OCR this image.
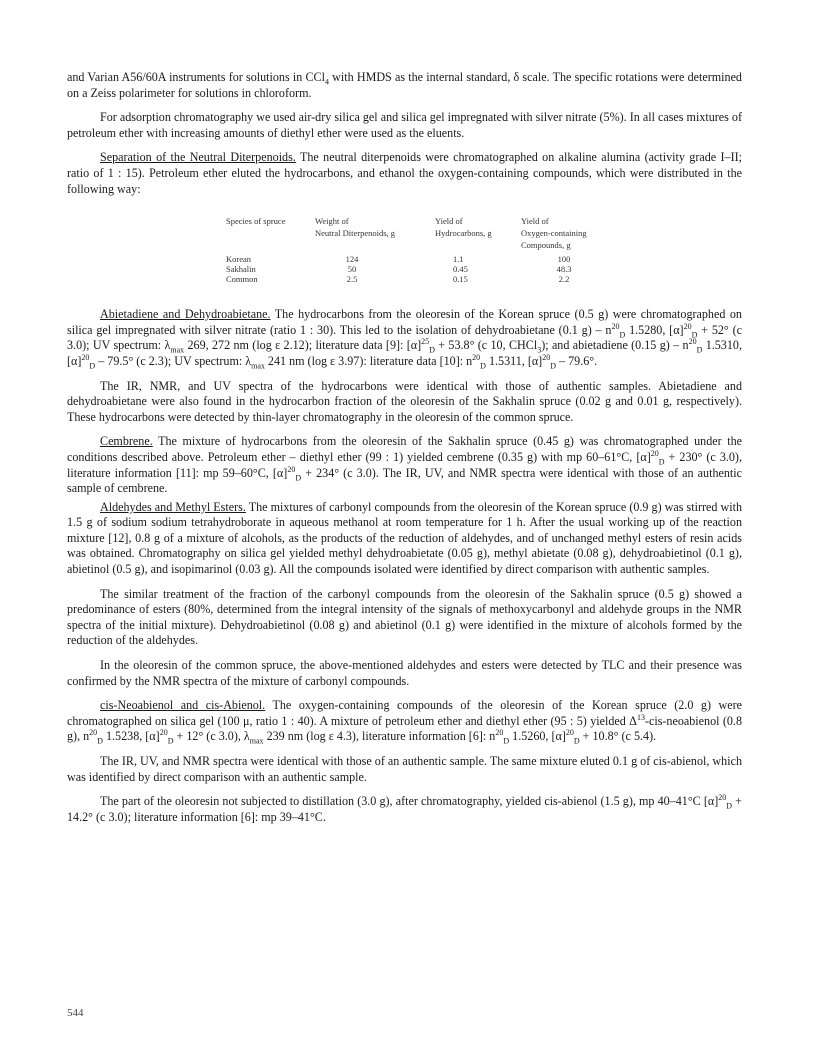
and Varian A56/60A instruments for solutions in CCl$_4$ with HMDS as the internal standard, δ scale. The specific rotations were determined on a Zeiss polarimeter for solutions in chloroform.

For adsorption chromatography we used air-dry silica gel and silica gel impregnated with silver nitrate (5%). In all cases mixtures of petroleum ether with increasing amounts of diethyl ether were used as the eluents.

Separation of the Neutral Diterpenoids. The neutral diterpenoids were chromatographed on alkaline alumina (activity grade I–II; ratio of 1 : 15). Petroleum ether eluted the hydrocarbons, and ethanol the oxygen-containing compounds, which were distributed in the following way:

Species of spruce	Weight of
Neutral Diterpenoids, g
Yield of
Hydrocarbons, g
Yield of
Oxygen-containing
Compounds, g
Korean
Sakhalin
Common
124
50
2.5
1.1
0.45
0.15
100
48.3
2.2

Abietadiene and Dehydroabietane. The hydrocarbons from the oleoresin of the Korean spruce (0.5 g) were chromatographed on silica gel impregnated with silver nitrate (ratio 1 : 30). This led to the isolation of dehydroabietane (0.1 $g) - n^{20}_D$ 1.5280, $[\alpha]^{20}_D + 52^\circ$ (c 3.0); UV spectrum: $\lambda_{max}$ 269, 272 nm (log ε 2.12); literature data [9]: $[\alpha]^{25}_D + 53.8^\circ$ (c 10, CHCl$_3$); and abietadiene (0.15 $g) - n^{20}_D$ 1.5310, $[\alpha]^{20}_D - 79.5^\circ$ (c 2.3); UV spectrum: $\lambda_{max}$ 241 nm (log ε 3.97): literature data [10]: $n^{20}_D$ 1.5311, $[\alpha]^{20}_D - 79.6^\circ$.

The IR, NMR, and UV spectra of the hydrocarbons were identical with those of authentic samples. Abietadiene and dehydroabietane were also found in the hydrocarbon fraction of the oleoresin of the Sakhalin spruce (0.02 g and 0.01 g, respectively). These hydrocarbons were detected by thin-layer chromatography in the oleoresin of the common spruce.

Cembrene. The mixture of hydrocarbons from the oleoresin of the Sakhalin spruce (0.45 g) was chromatographed under the conditions described above. Petroleum ether – diethyl ether (99 : 1) yielded cembrene (0.35 g) with mp 60–61°C, $[\alpha]^{20}_D + 230^\circ$ (c 3.0), literature information [11]: mp 59–60°C, $[\alpha]^{20}_D + 234^\circ$ (c 3.0). The IR, UV, and NMR spectra were identical with those of an authentic sample of cembrene.

Aldehydes and Methyl Esters. The mixtures of carbonyl compounds from the oleoresin of the Korean spruce (0.9 g) was stirred with 1.5 g of sodium sodium tetrahydroborate in aqueous methanol at room temperature for 1 h. After the usual working up of the reaction mixture [12], 0.8 g of a mixture of alcohols, as the products of the reduction of aldehydes, and of unchanged methyl esters of resin acids was obtained. Chromatography on silica gel yielded methyl dehydroabietate (0.05 g), methyl abietate (0.08 g), dehydroabietinol (0.1 g), abietinol (0.5 g), and isopimarinol (0.03 g). All the compounds isolated were identified by direct comparison with authentic samples.

The similar treatment of the fraction of the carbonyl compounds from the oleoresin of the Sakhalin spruce (0.5 g) showed a predominance of esters (80%, determined from the integral intensity of the signals of methoxycarbonyl and aldehyde groups in the NMR spectra of the initial mixture). Dehydroabietinol (0.08 g) and abietinol (0.1 g) were identified in the mixture of alcohols formed by the reduction of the aldehydes.

In the oleoresin of the common spruce, the above-mentioned aldehydes and esters were detected by TLC and their presence was confirmed by the NMR spectra of the mixture of carbonyl compounds.

cis-Neoabienol and cis-Abienol. The oxygen-containing compounds of the oleoresin of the Korean spruce (2.0 g) were chromatographed on silica gel (100 μ, ratio 1 : 40). A mixture of petroleum ether and diethyl ether (95 : 5) yielded $\Delta^{13}-cis$-neoabienol (0.8 g), $n^{20}_D$ 1.5238, $[\alpha]^{20}_D + 12^\circ$ (c 3.0), $\lambda_{max}$ 239 nm (log ε 4.3), literature information [6]: $n^{20}_D$ 1.5260, $[\alpha]^{20}_D + 10.8^\circ$ (c 5.4).

The IR, UV, and NMR spectra were identical with those of an authentic sample. The same mixture eluted 0.1 g of cis-abienol, which was identified by direct comparison with an authentic sample.

The part of the oleoresin not subjected to distillation (3.0 g), after chromatography, yielded cis-abienol (1.5 g), mp 40–41°C $[\alpha]^{20}_D + 14.2^\circ$ (c 3.0); literature information [6]: mp 39–41°C.

544
